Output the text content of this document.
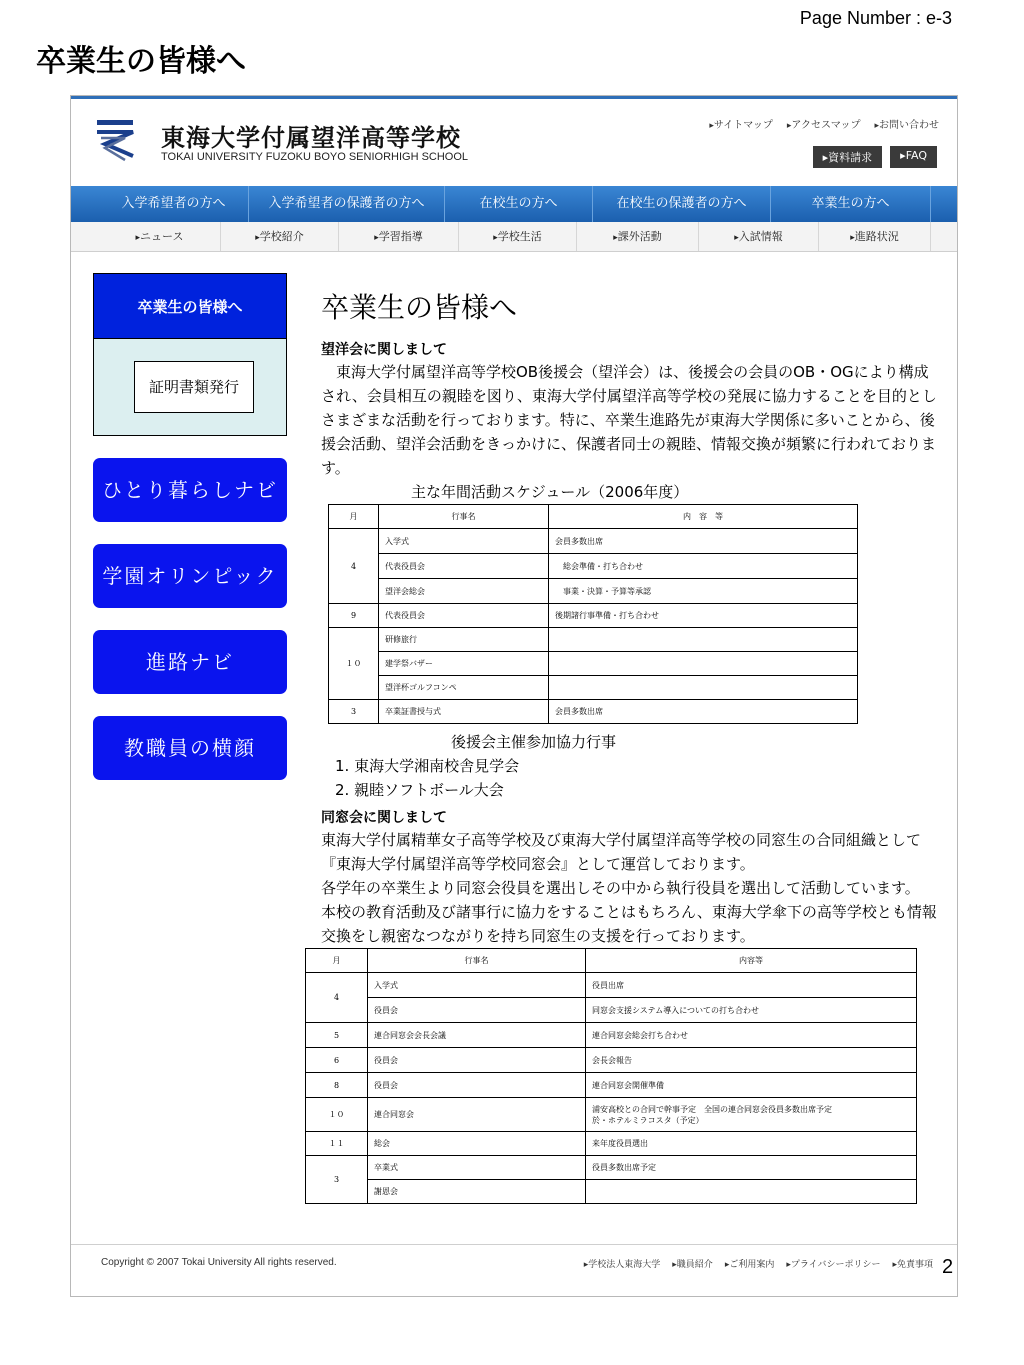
Page Number : e-3
卒業生の皆様へ
東海大学付属望洋高等学校
TOKAI UNIVERSITY FUZOKU BOYO SENIORHIGH SCHOOL
▸ サイトマップ	▸ アクセスマップ	▸ お問い合わせ
▸ 資料請求	▸ FAQ
入学希望者の方へ	入学希望者の保護者の方へ	在校生の方へ	在校生の保護者の方へ	卒業生の方へ
▸ ニュース	▸ 学校紹介	▸ 学習指導	▸ 学校生活	▸ 課外活動	▸ 入試情報	▸ 進路状況
卒業生の皆様へ
証明書類発行
ひとり暮らしナビ
学園オリンピック
進路ナビ
教職員の横顔
卒業生の皆様へ
望洋会に関しまして
　東海大学付属望洋高等学校OB後援会（望洋会）は、後援会の会員のOB・OGにより構成され、会員相互の親睦を図り、東海大学付属望洋高等学校の発展に協力することを目的としさまざまな活動を行っております。特に、卒業生進路先が東海大学関係に多いことから、後援会活動、望洋会活動をきっかけに、保護者同士の親睦、情報交換が頻繁に行われております。
主な年間活動スケジュール（2006年度）
月	行事名	内　容　等
4	入学式	会員多数出席
	代表役員会	　総会準備・打ち合わせ
	望洋会総会	　事業・決算・予算等承認
9	代表役員会	後期諸行事準備・打ち合わせ
１０	研修旅行	
	建学祭バザー	
	望洋杯ゴルフコンペ	
3	卒業証書授与式	会員多数出席
後援会主催参加協力行事
1. 東海大学湘南校舎見学会
2. 親睦ソフトボール大会
同窓会に関しまして
東海大学付属精華女子高等学校及び東海大学付属望洋高等学校の同窓生の合同組織として『東海大学付属望洋高等学校同窓会』として運営しております。
各学年の卒業生より同窓会役員を選出しその中から執行役員を選出して活動しています。
本校の教育活動及び諸事行に協力をすることはもちろん、東海大学傘下の高等学校とも情報交換をし親密なつながりを持ち同窓生の支援を行っております。
月	行事名	内容等
4	入学式	役員出席
	役員会	同窓会支援システム導入についての打ち合わせ
5	連合同窓会会長会議	連合同窓会総会打ち合わせ
6	役員会	会長会報告
8	役員会	連合同窓会開催準備
１０	連合同窓会	浦安高校との合同で幹事予定　全国の連合同窓会役員多数出席予定
於・ホテルミラコスタ（予定）
１１	総会	来年度役員選出
3	卒業式	役員多数出席予定
	謝恩会	
Copyright © 2007 Tokai University All rights reserved.	▸ 学校法人東海大学	▸ 職員紹介	▸ ご利用案内	▸ プライバシーポリシー	▸ 免責事項 2
